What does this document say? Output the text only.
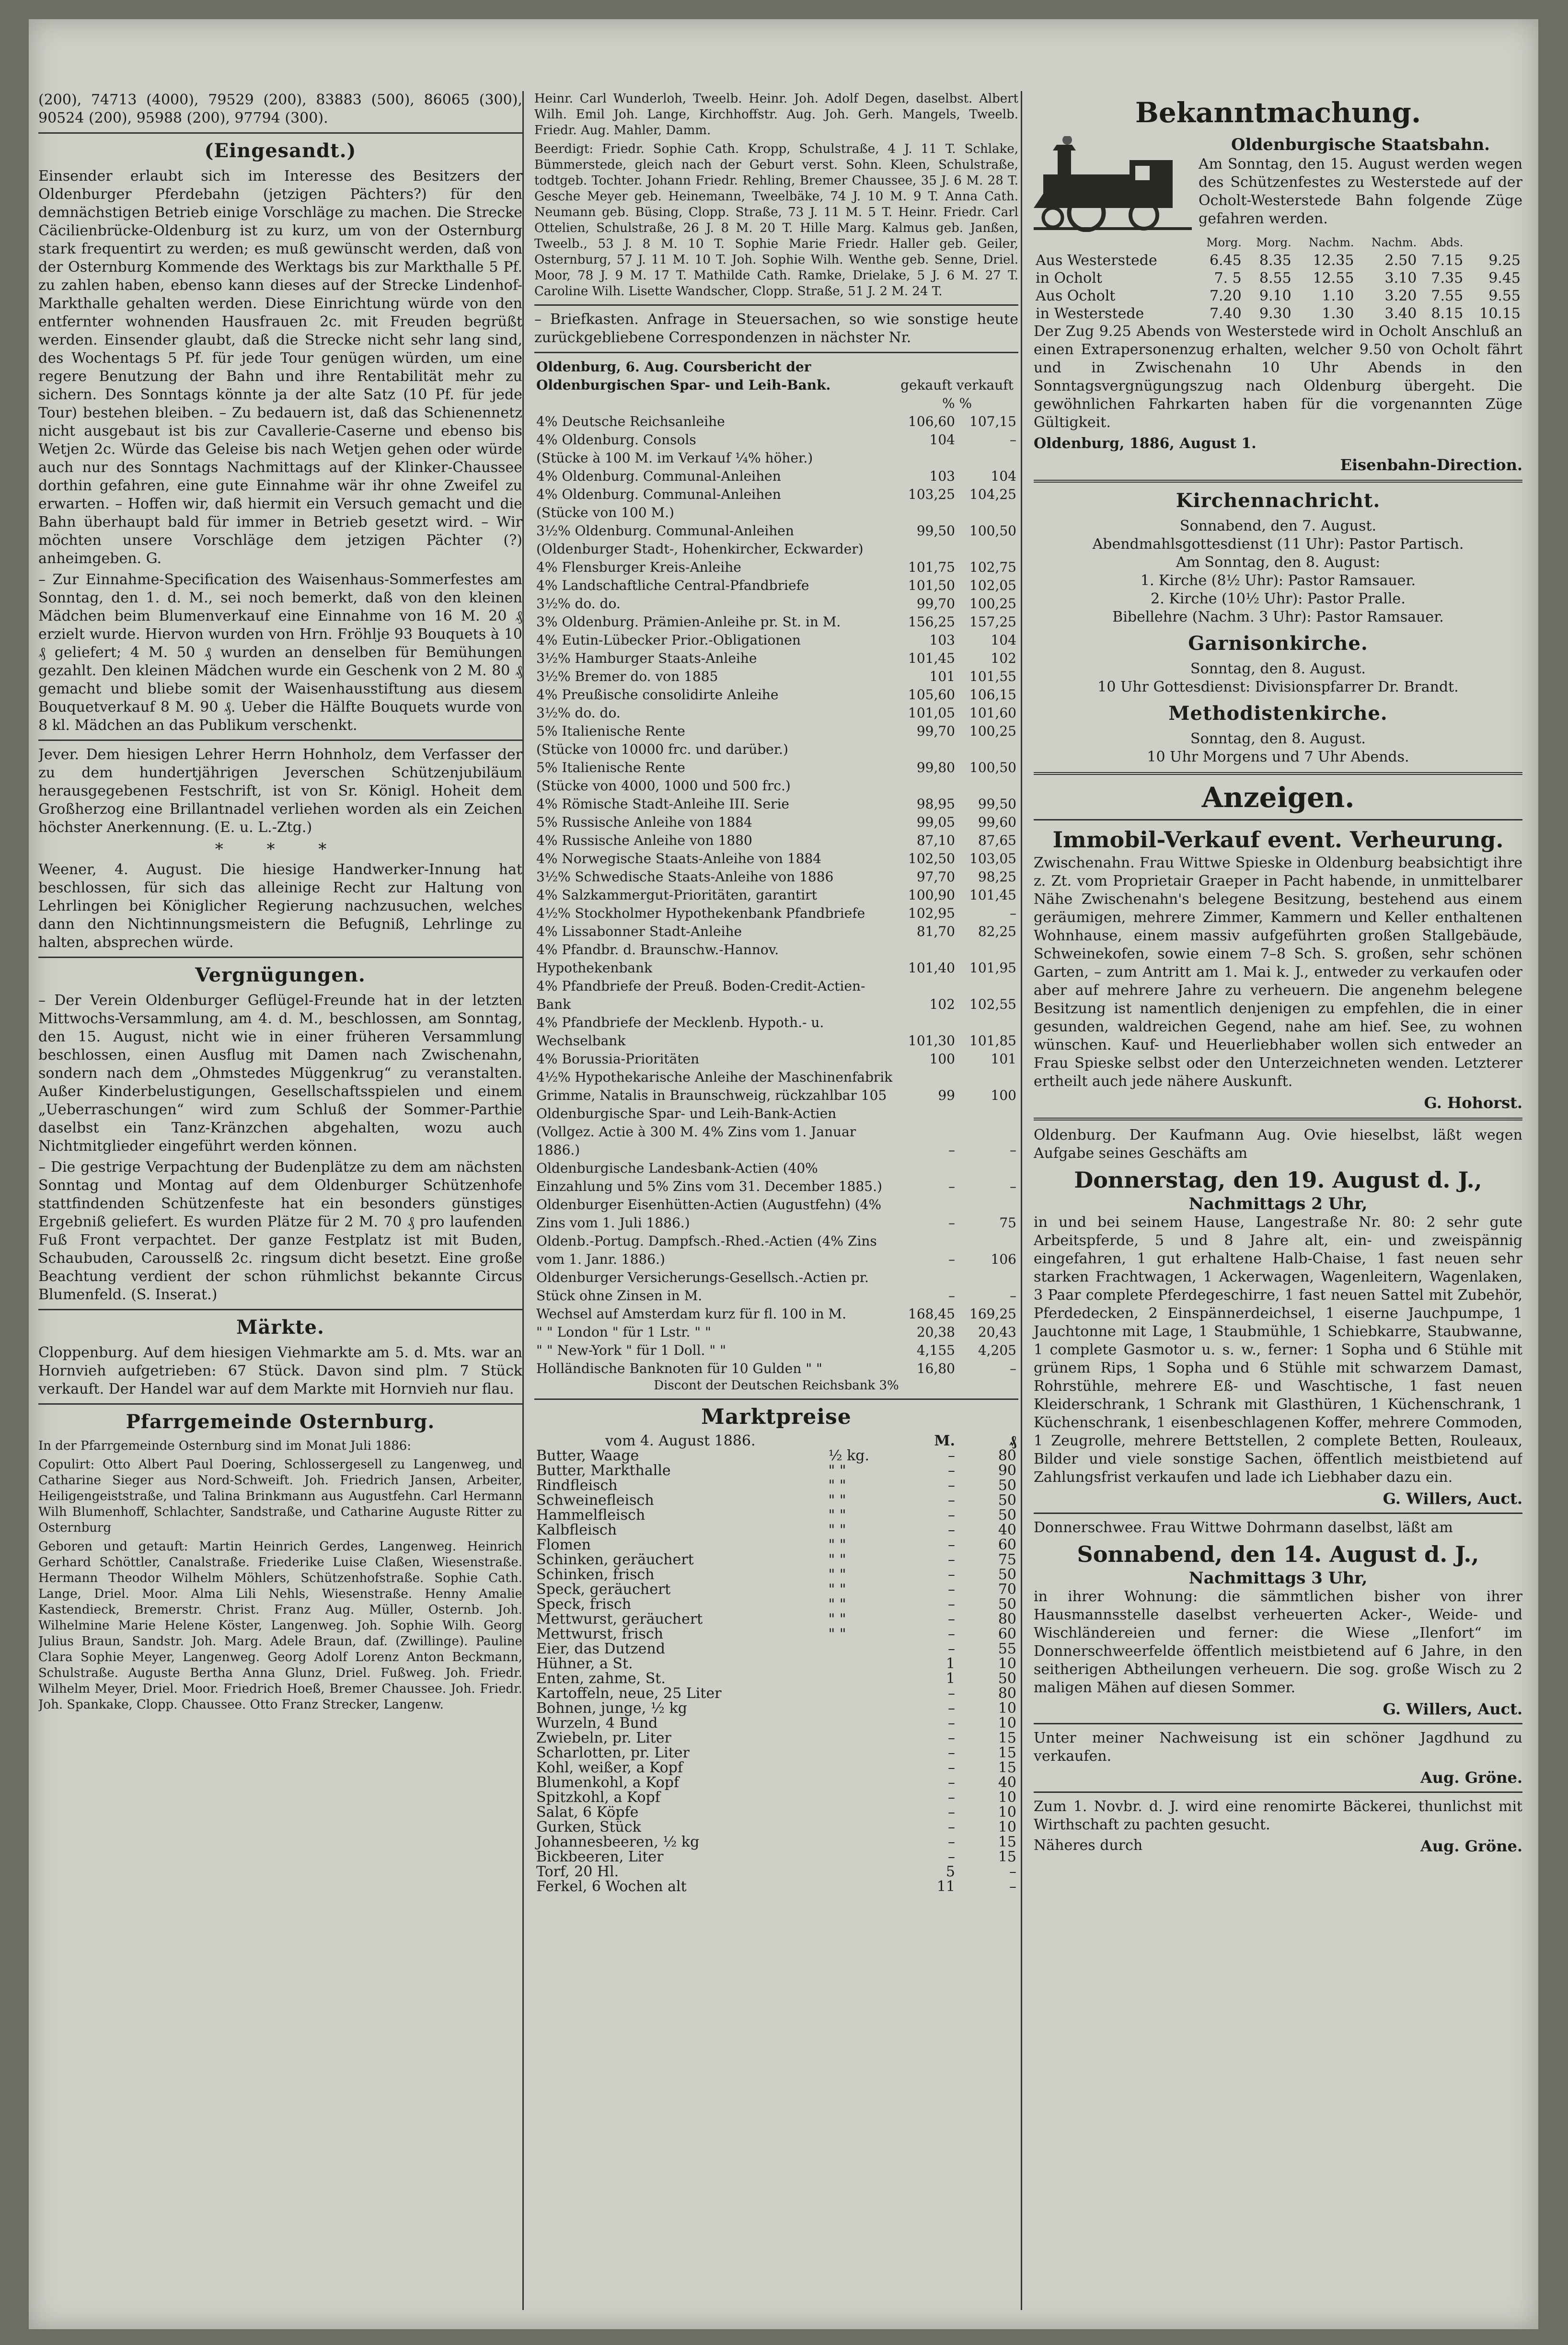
(200), 74713 (4000), 79529 (200), 83883 (500), 86065 (300), 90524 (200), 95988 (200), 97794 (300).

(Eingesandt.)

Einsender erlaubt sich im Interesse des Besitzers der Oldenburger Pferdebahn (jetzigen Pächters?) für den demnächstigen Betrieb einige Vorschläge zu machen. Die Strecke Cäcilienbrücke-Oldenburg ist zu kurz, um von der Osternburg stark frequentirt zu werden; es muß gewünscht werden, daß von der Osternburg Kommende des Werktags bis zur Markthalle 5 Pf. zu zahlen haben, ebenso kann dieses auf der Strecke Lindenhof-Markthalle gehalten werden. Diese Einrichtung würde von den entfernter wohnenden Hausfrauen 2c. mit Freuden begrüßt werden. Einsender glaubt, daß die Strecke nicht sehr lang sind, des Wochentags 5 Pf. für jede Tour genügen würden, um eine regere Benutzung der Bahn und ihre Rentabilität mehr zu sichern. Des Sonntags könnte ja der alte Satz (10 Pf. für jede Tour) bestehen bleiben. – Zu bedauern ist, daß das Schienennetz nicht ausgebaut ist bis zur Cavallerie-Caserne und ebenso bis Wetjen 2c. Würde das Geleise bis nach Wetjen gehen oder würde auch nur des Sonntags Nachmittags auf der Klinker-Chaussee dorthin gefahren, eine gute Einnahme wär ihr ohne Zweifel zu erwarten. – Hoffen wir, daß hiermit ein Versuch gemacht und die Bahn überhaupt bald für immer in Betrieb gesetzt wird. – Wir möchten unsere Vorschläge dem jetzigen Pächter (?) anheimgeben. G.

– Zur Einnahme-Specification des Waisenhaus-Sommerfestes am Sonntag, den 1. d. M., sei noch bemerkt, daß von den kleinen Mädchen beim Blumenverkauf eine Einnahme von 16 M. 20 ₰ erzielt wurde. Hiervon wurden von Hrn. Fröhlje 93 Bouquets à 10 ₰ geliefert; 4 M. 50 ₰ wurden an denselben für Bemühungen gezahlt. Den kleinen Mädchen wurde ein Geschenk von 2 M. 80 ₰ gemacht und bliebe somit der Waisenhausstiftung aus diesem Bouquetverkauf 8 M. 90 ₰. Ueber die Hälfte Bouquets wurde von 8 kl. Mädchen an das Publikum verschenkt.

Jever. Dem hiesigen Lehrer Herrn Hohnholz, dem Verfasser der zu dem hundertjährigen Jeverschen Schützenjubiläum herausgegebenen Festschrift, ist von Sr. Königl. Hoheit dem Großherzog eine Brillantnadel verliehen worden als ein Zeichen höchster Anerkennung. (E. u. L.-Ztg.)

* * *

Weener, 4. August. Die hiesige Handwerker-Innung hat beschlossen, für sich das alleinige Recht zur Haltung von Lehrlingen bei Königlicher Regierung nachzusuchen, welches dann den Nichtinnungsmeistern die Befugniß, Lehrlinge zu halten, absprechen würde.

Vergnügungen.

– Der Verein Oldenburger Geflügel-Freunde hat in der letzten Mittwochs-Versammlung, am 4. d. M., beschlossen, am Sonntag, den 15. August, nicht wie in einer früheren Versammlung beschlossen, einen Ausflug mit Damen nach Zwischenahn, sondern nach dem „Ohmstedes Müggenkrug“ zu veranstalten. Außer Kinderbelustigungen, Gesellschaftsspielen und einem „Ueberraschungen“ wird zum Schluß der Sommer-Parthie daselbst ein Tanz-Kränzchen abgehalten, wozu auch Nichtmitglieder eingeführt werden können.

– Die gestrige Verpachtung der Budenplätze zu dem am nächsten Sonntag und Montag auf dem Oldenburger Schützenhofe stattfindenden Schützenfeste hat ein besonders günstiges Ergebniß geliefert. Es wurden Plätze für 2 M. 70 ₰ pro laufenden Fuß Front verpachtet. Der ganze Festplatz ist mit Buden, Schaubuden, Carousselß 2c. ringsum dicht besetzt. Eine große Beachtung verdient der schon rühmlichst bekannte Circus Blumenfeld. (S. Inserat.)

Märkte.

Cloppenburg. Auf dem hiesigen Viehmarkte am 5. d. Mts. war an Hornvieh aufgetrieben: 67 Stück. Davon sind plm. 7 Stück verkauft. Der Handel war auf dem Markte mit Hornvieh nur flau.

Pfarrgemeinde Osternburg.

In der Pfarrgemeinde Osternburg sind im Monat Juli 1886:

Copulirt: Otto Albert Paul Doering, Schlossergesell zu Langenweg, und Catharine Sieger aus Nord-Schweift. Joh. Friedrich Jansen, Arbeiter, Heiligengeiststraße, und Talina Brinkmann aus Augustfehn. Carl Hermann Wilh Blumenhoff, Schlachter, Sandstraße, und Catharine Auguste Ritter zu Osternburg

Geboren und getauft: Martin Heinrich Gerdes, Langenweg. Heinrich Gerhard Schöttler, Canalstraße. Friederike Luise Claßen, Wiesenstraße. Hermann Theodor Wilhelm Möhlers, Schützenhofstraße. Sophie Cath. Lange, Driel. Moor. Alma Lili Nehls, Wiesenstraße. Henny Amalie Kastendieck, Bremerstr. Christ. Franz Aug. Müller, Osternb. Joh. Wilhelmine Marie Helene Köster, Langenweg. Joh. Sophie Wilh. Georg Julius Braun, Sandstr. Joh. Marg. Adele Braun, daf. (Zwillinge). Pauline Clara Sophie Meyer, Langenweg. Georg Adolf Lorenz Anton Beckmann, Schulstraße. Auguste Bertha Anna Glunz, Driel. Fußweg. Joh. Friedr. Wilhelm Meyer, Driel. Moor. Friedrich Hoeß, Bremer Chaussee. Joh. Friedr. Joh. Spankake, Clopp. Chaussee. Otto Franz Strecker, Langenw.

Heinr. Carl Wunderloh, Tweelb. Heinr. Joh. Adolf Degen, daselbst. Albert Wilh. Emil Joh. Lange, Kirchhoffstr. Aug. Joh. Gerh. Mangels, Tweelb. Friedr. Aug. Mahler, Damm.

Beerdigt: Friedr. Sophie Cath. Kropp, Schulstraße, 4 J. 11 T. Schlake, Bümmerstede, gleich nach der Geburt verst. Sohn. Kleen, Schulstraße, todtgeb. Tochter. Johann Friedr. Rehling, Bremer Chaussee, 35 J. 6 M. 28 T. Gesche Meyer geb. Heinemann, Tweelbäke, 74 J. 10 M. 9 T. Anna Cath. Neumann geb. Büsing, Clopp. Straße, 73 J. 11 M. 5 T. Heinr. Friedr. Carl Ottelien, Schulstraße, 26 J. 8 M. 20 T. Hille Marg. Kalmus geb. Janßen, Tweelb., 53 J. 8 M. 10 T. Sophie Marie Friedr. Haller geb. Geiler, Osternburg, 57 J. 11 M. 10 T. Joh. Sophie Wilh. Wenthe geb. Senne, Driel. Moor, 78 J. 9 M. 17 T. Mathilde Cath. Ramke, Drielake, 5 J. 6 M. 27 T. Caroline Wilh. Lisette Wandscher, Clopp. Straße, 51 J. 2 M. 24 T.

– Briefkasten. Anfrage in Steuersachen, so wie sonstige heute zurückgebliebene Correspondenzen in nächster Nr.

Oldenburg, 6. Aug. Coursbericht der Oldenburgischen Spar- und Leih-Bank.	gekauft verkauft	
	% %	
4% Deutsche Reichsanleihe	106,60	107,15
4% Oldenburg. Consols	104	–
(Stücke à 100 M. im Verkauf ¼% höher.)		
4% Oldenburg. Communal-Anleihen	103	104
4% Oldenburg. Communal-Anleihen	103,25	104,25
(Stücke von 100 M.)		
3½% Oldenburg. Communal-Anleihen	99,50	100,50
(Oldenburger Stadt-, Hohenkircher, Eckwarder)		
4% Flensburger Kreis-Anleihe	101,75	102,75
4% Landschaftliche Central-Pfandbriefe	101,50	102,05
3½% do. do.	99,70	100,25
3% Oldenburg. Prämien-Anleihe pr. St. in M.	156,25	157,25
4% Eutin-Lübecker Prior.-Obligationen	103	104
3½% Hamburger Staats-Anleihe	101,45	102
3½% Bremer do. von 1885	101	101,55
4% Preußische consolidirte Anleihe	105,60	106,15
3½% do. do.	101,05	101,60
5% Italienische Rente	99,70	100,25
(Stücke von 10000 frc. und darüber.)		
5% Italienische Rente	99,80	100,50
(Stücke von 4000, 1000 und 500 frc.)		
4% Römische Stadt-Anleihe III. Serie	98,95	99,50
5% Russische Anleihe von 1884	99,05	99,60
4% Russische Anleihe von 1880	87,10	87,65
4% Norwegische Staats-Anleihe von 1884	102,50	103,05
3½% Schwedische Staats-Anleihe von 1886	97,70	98,25
4% Salzkammergut-Prioritäten, garantirt	100,90	101,45
4½% Stockholmer Hypothekenbank Pfandbriefe	102,95	–
4% Lissabonner Stadt-Anleihe	81,70	82,25
4% Pfandbr. d. Braunschw.-Hannov. Hypothekenbank	101,40	101,95
4% Pfandbriefe der Preuß. Boden-Credit-Actien-Bank	102	102,55
4% Pfandbriefe der Mecklenb. Hypoth.- u. Wechselbank	101,30	101,85
4% Borussia-Prioritäten	100	101
4½% Hypothekarische Anleihe der Maschinenfabrik Grimme, Natalis in Braunschweig, rückzahlbar 105	99	100
Oldenburgische Spar- und Leih-Bank-Actien (Vollgez. Actie à 300 M. 4% Zins vom 1. Januar 1886.)	–	–
Oldenburgische Landesbank-Actien (40% Einzahlung und 5% Zins vom 31. December 1885.)	–	–
Oldenburger Eisenhütten-Actien (Augustfehn) (4% Zins vom 1. Juli 1886.)	–	75
Oldenb.-Portug. Dampfsch.-Rhed.-Actien (4% Zins vom 1. Janr. 1886.)	–	106
Oldenburger Versicherungs-Gesellsch.-Actien pr. Stück ohne Zinsen in M.	–	–
Wechsel auf Amsterdam kurz für fl. 100 in M.	168,45	169,25
" " London " für 1 Lstr. " "	20,38	20,43
" " New-York " für 1 Doll. " "	4,155	4,205
Holländische Banknoten für 10 Gulden " "	16,80	–

Discont der Deutschen Reichsbank 3%

Marktpreise
vom 4. August 1886.		M.	₰
Butter, Waage	½ kg.	–	80
Butter, Markthalle	" "	–	90
Rindfleisch	" "	–	50
Schweinefleisch	" "	–	50
Hammelfleisch	" "	–	50
Kalbfleisch	" "	–	40
Flomen	" "	–	60
Schinken, geräuchert	" "	–	75
Schinken, frisch	" "	–	50
Speck, geräuchert	" "	–	70
Speck, frisch	" "	–	50
Mettwurst, geräuchert	" "	–	80
Mettwurst, frisch	" "	–	60
Eier, das Dutzend		–	55
Hühner, a St.		1	10
Enten, zahme, St.		1	50
Kartoffeln, neue, 25 Liter		–	80
Bohnen, junge, ½ kg		–	10
Wurzeln, 4 Bund		–	10
Zwiebeln, pr. Liter		–	15
Scharlotten, pr. Liter		–	15
Kohl, weißer, a Kopf		–	15
Blumenkohl, a Kopf		–	40
Spitzkohl, a Kopf		–	10
Salat, 6 Köpfe		–	10
Gurken, Stück		–	10
Johannesbeeren, ½ kg		–	15
Bickbeeren, Liter		–	15
Torf, 20 Hl.		5	–
Ferkel, 6 Wochen alt		11	–
Bekanntmachung.
Oldenburgische Staatsbahn.

Am Sonntag, den 15. August werden wegen des Schützenfestes zu Westerstede auf der Ocholt-Westerstede Bahn folgende Züge gefahren werden.

	Morg.	Morg.	Nachm.	Nachm.	Abds.	
Aus Westerstede	6.45	8.35	12.35	2.50	7.15	9.25
in Ocholt	7. 5	8.55	12.55	3.10	7.35	9.45
Aus Ocholt	7.20	9.10	1.10	3.20	7.55	9.55
in Westerstede	7.40	9.30	1.30	3.40	8.15	10.15

Der Zug 9.25 Abends von Westerstede wird in Ocholt Anschluß an einen Extrapersonenzug erhalten, welcher 9.50 von Ocholt fährt und in Zwischenahn 10 Uhr Abends in den Sonntagsvergnügungszug nach Oldenburg übergeht. Die gewöhnlichen Fahrkarten haben für die vorgenannten Züge Gültigkeit.

Oldenburg, 1886, August 1.

Eisenbahn-Direction.
Kirchennachricht.

Sonnabend, den 7. August.

Abendmahlsgottesdienst (11 Uhr): Pastor Partisch.

Am Sonntag, den 8. August:

1. Kirche (8½ Uhr): Pastor Ramsauer.

2. Kirche (10½ Uhr): Pastor Pralle.

Bibellehre (Nachm. 3 Uhr): Pastor Ramsauer.

Garnisonkirche.

Sonntag, den 8. August.

10 Uhr Gottesdienst: Divisionspfarrer Dr. Brandt.

Methodistenkirche.

Sonntag, den 8. August.

10 Uhr Morgens und 7 Uhr Abends.

Anzeigen.
Immobil-Verkauf event. Verheurung.

Zwischenahn. Frau Wittwe Spieske in Oldenburg beabsichtigt ihre z. Zt. vom Proprietair Graeper in Pacht habende, in unmittelbarer Nähe Zwischenahn's belegene Besitzung, bestehend aus einem geräumigen, mehrere Zimmer, Kammern und Keller enthaltenen Wohnhause, einem massiv aufgeführten großen Stallgebäude, Schweinekofen, sowie einem 7–8 Sch. S. großen, sehr schönen Garten, – zum Antritt am 1. Mai k. J., entweder zu verkaufen oder aber auf mehrere Jahre zu verheuern. Die angenehm belegene Besitzung ist namentlich denjenigen zu empfehlen, die in einer gesunden, waldreichen Gegend, nahe am hief. See, zu wohnen wünschen. Kauf- und Heuerliebhaber wollen sich entweder an Frau Spieske selbst oder den Unterzeichneten wenden. Letzterer ertheilt auch jede nähere Auskunft.

G. Hohorst.

Oldenburg. Der Kaufmann Aug. Ovie hieselbst, läßt wegen Aufgabe seines Geschäfts am

Donnerstag, den 19. August d. J.,
Nachmittags 2 Uhr,

in und bei seinem Hause, Langestraße Nr. 80: 2 sehr gute Arbeitspferde, 5 und 8 Jahre alt, ein- und zweispännig eingefahren, 1 gut erhaltene Halb-Chaise, 1 fast neuen sehr starken Frachtwagen, 1 Ackerwagen, Wagenleitern, Wagenlaken, 3 Paar complete Pferdegeschirre, 1 fast neuen Sattel mit Zubehör, Pferdedecken, 2 Einspännerdeichsel, 1 eiserne Jauchpumpe, 1 Jauchtonne mit Lage, 1 Staubmühle, 1 Schiebkarre, Staubwanne, 1 complete Gasmotor u. s. w., ferner: 1 Sopha und 6 Stühle mit grünem Rips, 1 Sopha und 6 Stühle mit schwarzem Damast, Rohrstühle, mehrere Eß- und Waschtische, 1 fast neuen Kleiderschrank, 1 Schrank mit Glasthüren, 1 Küchenschrank, 1 Küchenschrank, 1 eisenbeschlagenen Koffer, mehrere Commoden, 1 Zeugrolle, mehrere Bettstellen, 2 complete Betten, Rouleaux, Bilder und viele sonstige Sachen, öffentlich meistbietend auf Zahlungsfrist verkaufen und lade ich Liebhaber dazu ein.

G. Willers, Auct.

Donnerschwee. Frau Wittwe Dohrmann daselbst, läßt am

Sonnabend, den 14. August d. J.,
Nachmittags 3 Uhr,

in ihrer Wohnung: die sämmtlichen bisher von ihrer Hausmannsstelle daselbst verheuerten Acker-, Weide- und Wischländereien und ferner: die Wiese „Ilenfort“ im Donnerschweerfelde öffentlich meistbietend auf 6 Jahre, in den seitherigen Abtheilungen verheuern. Die sog. große Wisch zu 2 maligen Mähen auf diesen Sommer.

G. Willers, Auct.

Unter meiner Nachweisung ist ein schöner Jagdhund zu verkaufen.

Aug. Gröne.

Zum 1. Novbr. d. J. wird eine renomirte Bäckerei, thunlichst mit Wirthschaft zu pachten gesucht.

Näheres durch	Aug. Gröne.
